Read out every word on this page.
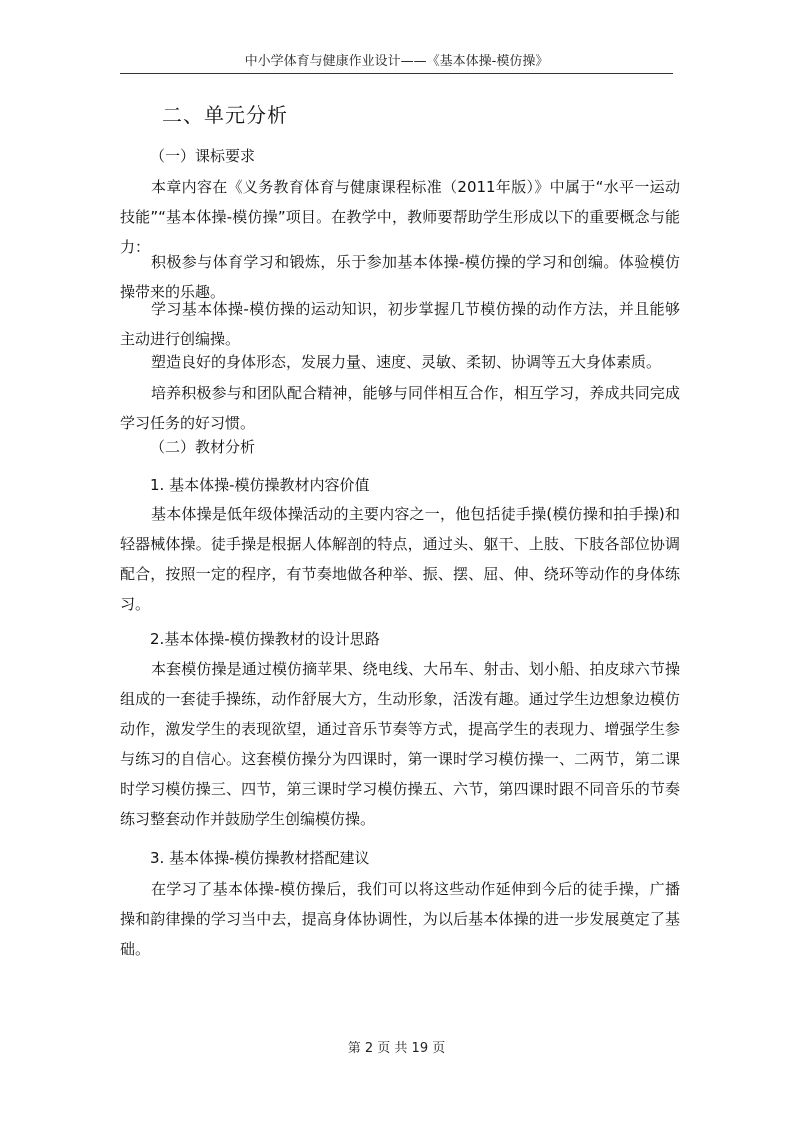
中小学体育与健康作业设计——《基本体操-模仿操》
二、单元分析
（一）课标要求

本章内容在《义务教育体育与健康课程标准（2011年版）》中属于“水平一运动技能”“基本体操-模仿操”项目。在教学中，教师要帮助学生形成以下的重要概念与能力：

积极参与体育学习和锻炼，乐于参加基本体操-模仿操的学习和创编。体验模仿操带来的乐趣。

学习基本体操-模仿操的运动知识，初步掌握几节模仿操的动作方法，并且能够主动进行创编操。

塑造良好的身体形态，发展力量、速度、灵敏、柔韧、协调等五大身体素质。

培养积极参与和团队配合精神，能够与同伴相互合作，相互学习，养成共同完成学习任务的好习惯。

（二）教材分析
1. 基本体操-模仿操教材内容价值

基本体操是低年级体操活动的主要内容之一，他包括徒手操(模仿操和拍手操)和轻器械体操。徒手操是根据人体解剖的特点，通过头、躯干、上肢、下肢各部位协调配合，按照一定的程序，有节奏地做各种举、振、摆、屈、伸、绕环等动作的身体练习。

2.基本体操-模仿操教材的设计思路

本套模仿操是通过模仿摘苹果、绕电线、大吊车、射击、划小船、拍皮球六节操组成的一套徒手操练，动作舒展大方，生动形象，活泼有趣。通过学生边想象边模仿动作，激发学生的表现欲望，通过音乐节奏等方式，提高学生的表现力、增强学生参与练习的自信心。这套模仿操分为四课时，第一课时学习模仿操一、二两节，第二课时学习模仿操三、四节，第三课时学习模仿操五、六节，第四课时跟不同音乐的节奏练习整套动作并鼓励学生创编模仿操。

3. 基本体操-模仿操教材搭配建议

在学习了基本体操-模仿操后，我们可以将这些动作延伸到今后的徒手操，广播操和韵律操的学习当中去，提高身体协调性，为以后基本体操的进一步发展奠定了基础。

第 2 页 共 19 页
